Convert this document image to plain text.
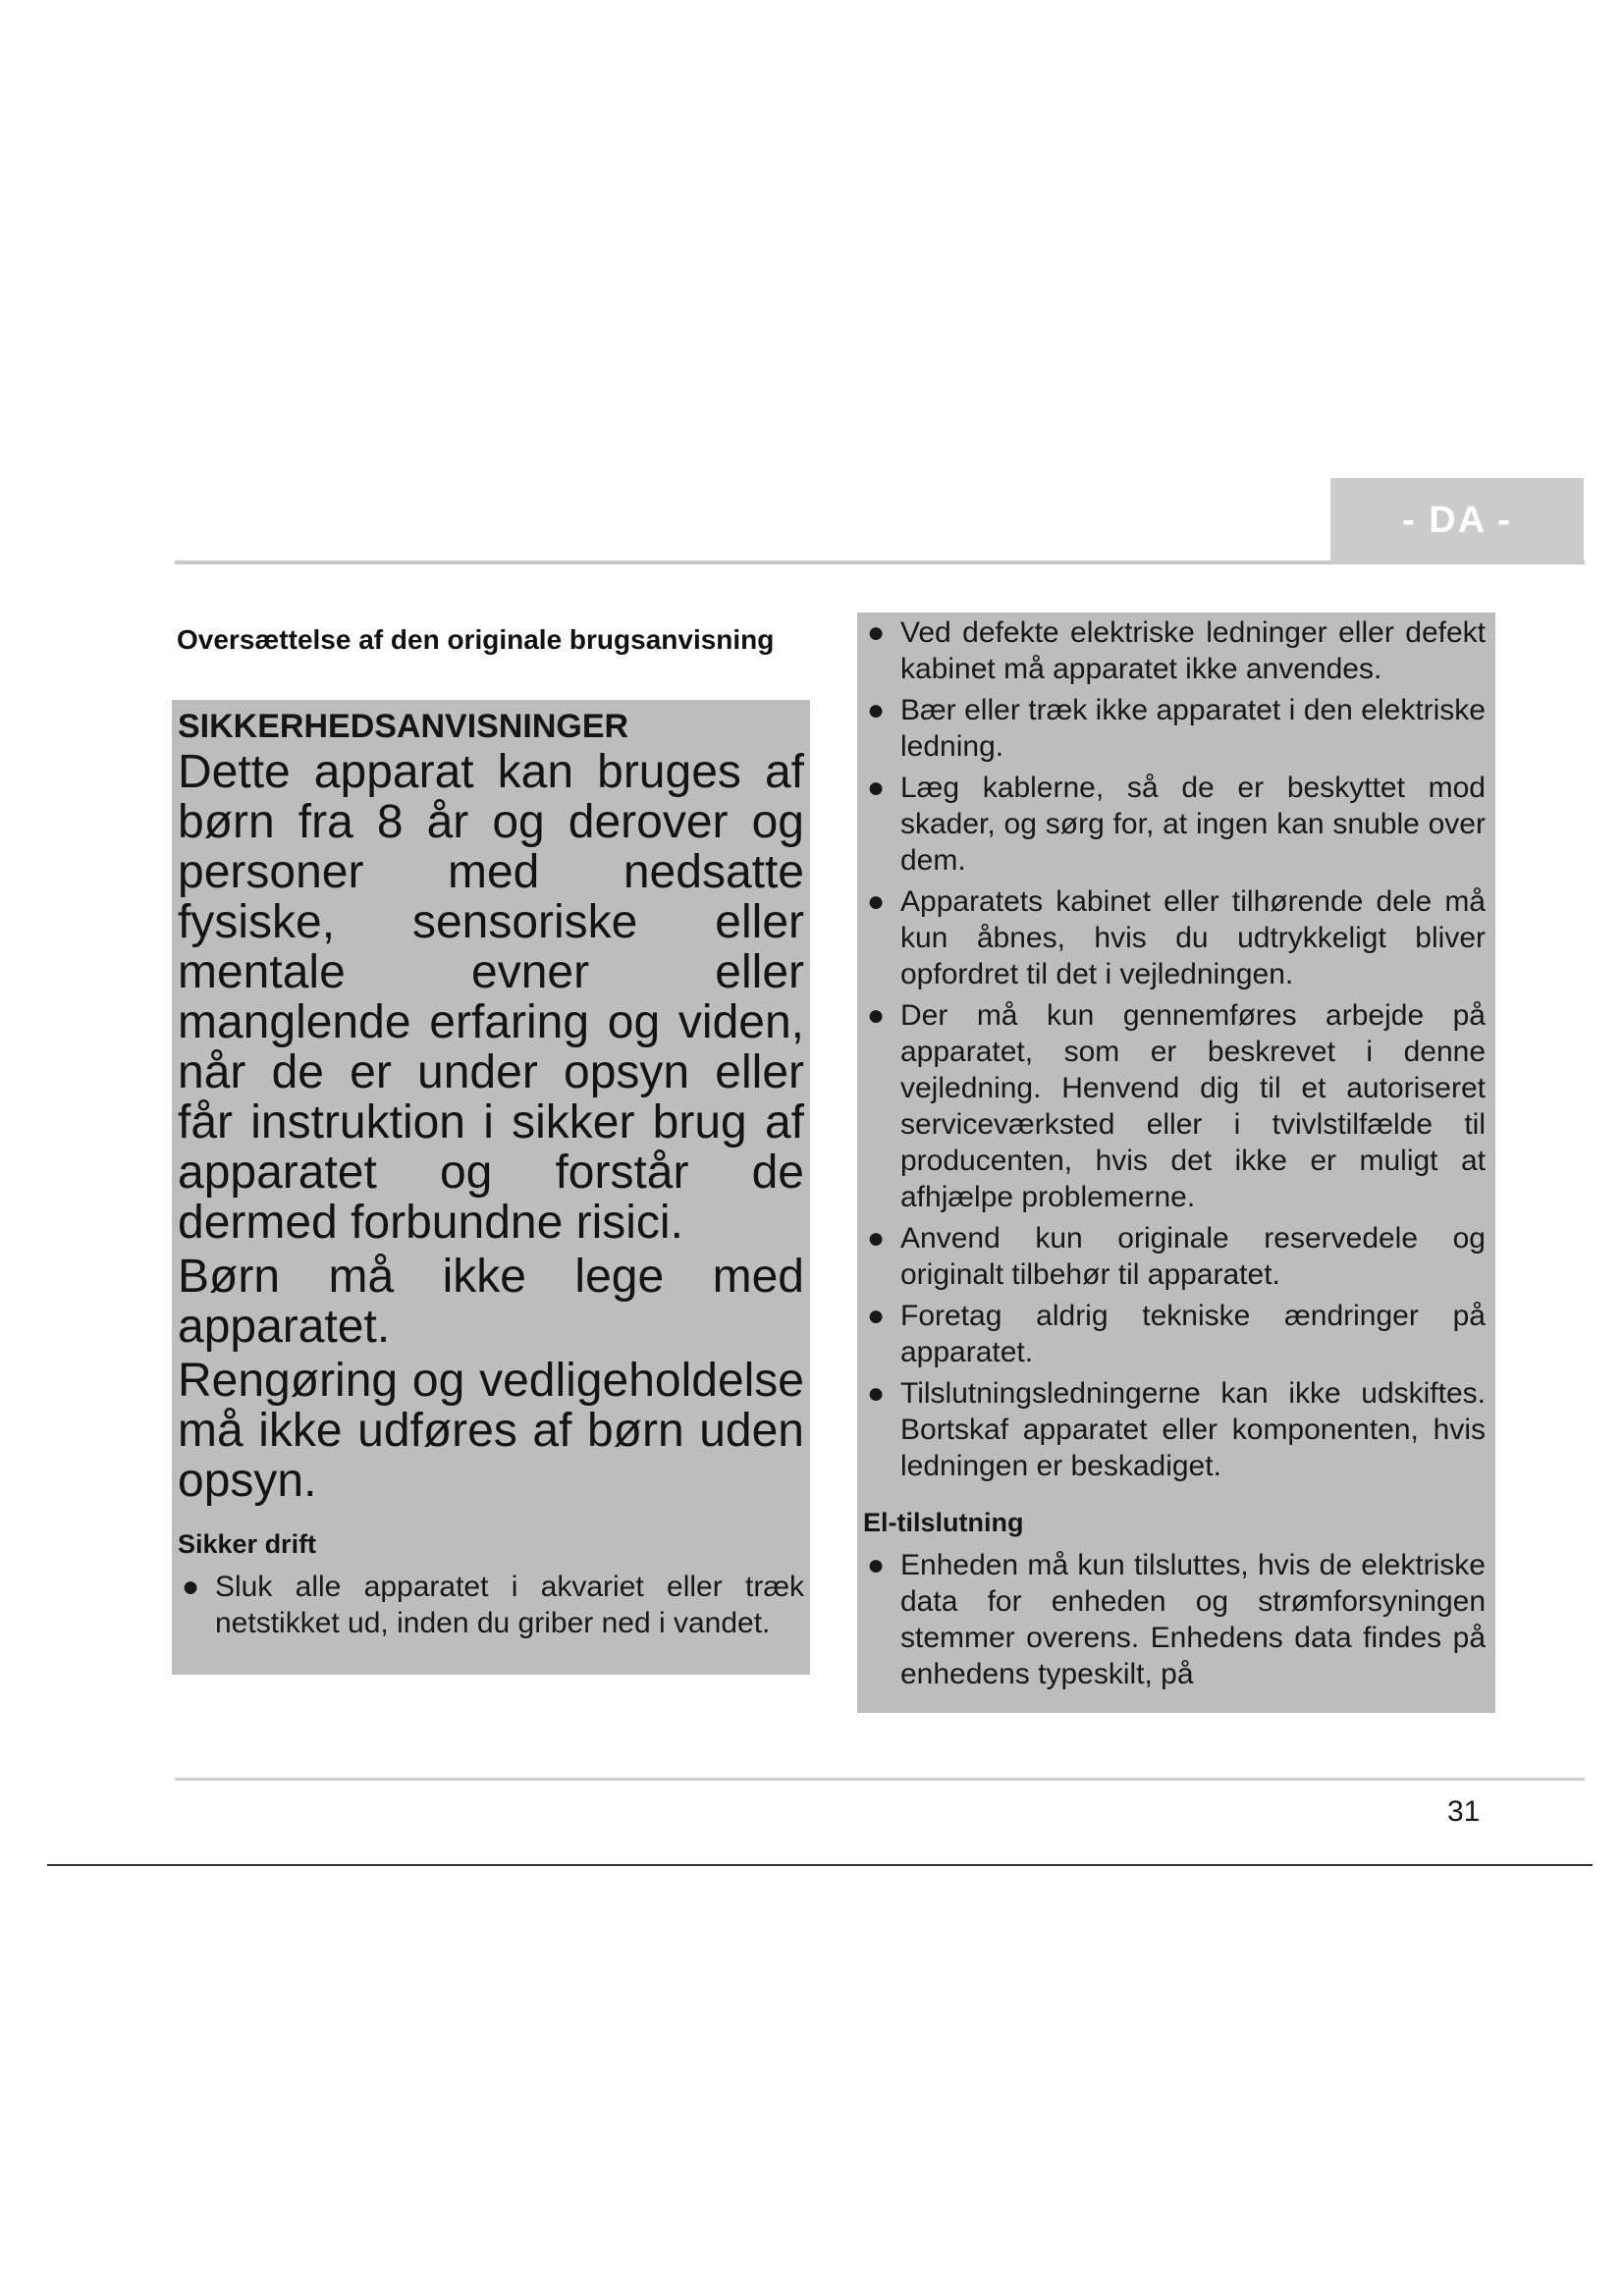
- DA -
Oversættelse af den originale brugsanvisning
SIKKERHEDSANVISNINGER

Dette apparat kan bruges af børn fra 8 år og derover og personer med nedsatte fysiske, sensoriske eller mentale evner eller manglende erfaring og viden, når de er under opsyn eller får instruktion i sikker brug af apparatet og forstår de dermed forbundne risici.

Børn må ikke lege med apparatet.

Rengøring og vedligeholdelse må ikke udføres af børn uden opsyn.

Sikker drift
● Sluk alle apparatet i akvariet eller træk netstikket ud, inden du griber ned i vandet.
● Ved defekte elektriske ledninger eller defekt kabinet må apparatet ikke anvendes.
● Bær eller træk ikke apparatet i den elektriske ledning.
● Læg kablerne, så de er beskyttet mod skader, og sørg for, at ingen kan snuble over dem.
● Apparatets kabinet eller tilhørende dele må kun åbnes, hvis du udtrykkeligt bliver opfordret til det i vejledningen.
● Der må kun gennemføres arbejde på apparatet, som er beskrevet i denne vejledning. Henvend dig til et autoriseret serviceværksted eller i tvivlstilfælde til producenten, hvis det ikke er muligt at afhjælpe problemerne.
● Anvend kun originale reservedele og originalt tilbehør til apparatet.
● Foretag aldrig tekniske ændringer på apparatet.
● Tilslutningsledningerne kan ikke udskiftes. Bortskaf apparatet eller komponenten, hvis ledningen er beskadiget.
El-tilslutning
● Enheden må kun tilsluttes, hvis de elektriske data for enheden og strømforsyningen stemmer overens. Enhedens data findes på enhedens typeskilt, på
31
